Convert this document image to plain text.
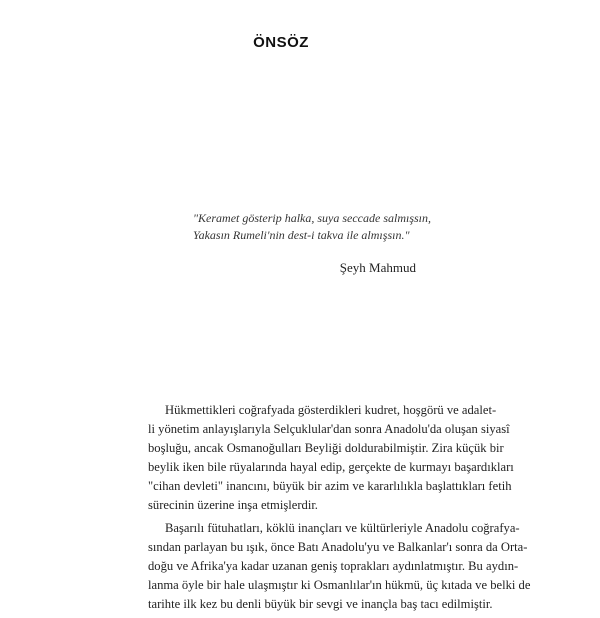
ÖNSÖZ
"Keramet gösterip halka, suya seccade salmışsın,
Yakasın Rumeli'nin dest-i takva ile almışsın."
Şeyh Mahmud
Hükmettikleri coğrafyada gösterdikleri kudret, hoşgörü ve adalet-
li yönetim anlayışlarıyla Selçuklular'dan sonra Anadolu'da oluşan siyasî
boşluğu, ancak Osmanoğulları Beyliği doldurabilmiştir. Zira küçük bir
beylik iken bile rüyalarında hayal edip, gerçekte de kurmayı başardıkları
"cihan devleti" inancını, büyük bir azim ve kararlılıkla başlattıkları fetih
sürecinin üzerine inşa etmişlerdir.
Başarılı fütuhatları, köklü inançları ve kültürleriyle Anadolu coğrafya-
sından parlayan bu ışık, önce Batı Anadolu'yu ve Balkanlar'ı sonra da Orta-
doğu ve Afrika'ya kadar uzanan geniş toprakları aydınlatmıştır. Bu aydın-
lanma öyle bir hale ulaşmıştır ki Osmanlılar'ın hükmü, üç kıtada ve belki de
tarihte ilk kez bu denli büyük bir sevgi ve inançla baş tacı edilmiştir.
